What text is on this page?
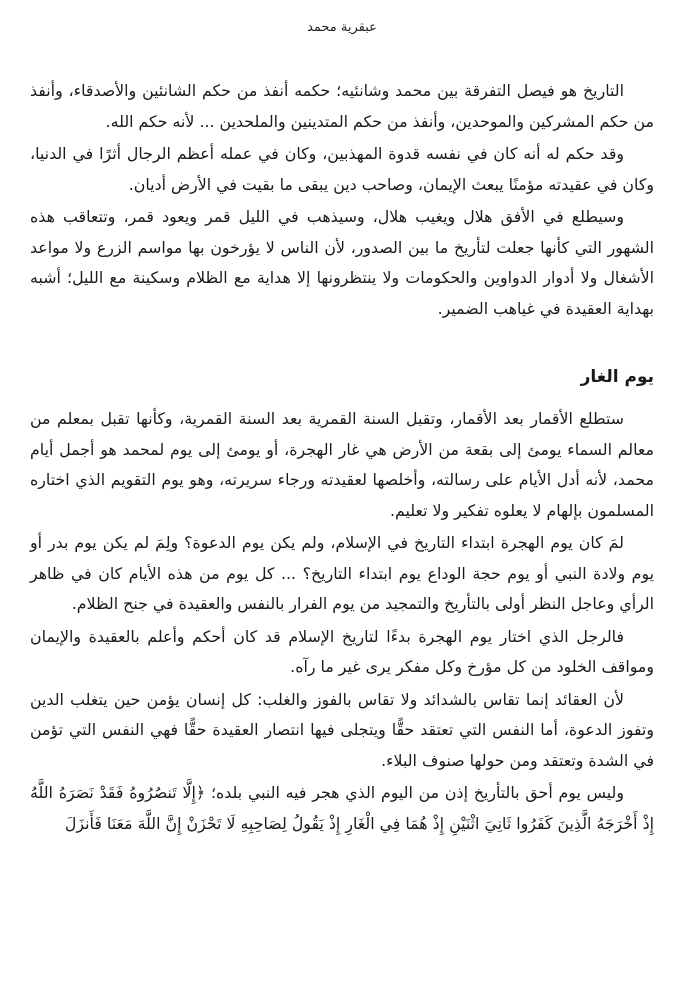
عبقرية محمد

التاريخ هو فيصل التفرقة بين محمد وشانئيه؛ حكمه أنفذ من حكم الشانئين والأصدقاء، وأنفذ من حكم المشركين والموحدين، وأنفذ من حكم المتدينين والملحدين ... لأنه حكم الله.

وقد حكم له أنه كان في نفسه قدوة المهذبين، وكان في عمله أعظم الرجال أثرًا في الدنيا، وكان في عقيدته مؤمنًا يبعث الإيمان، وصاحب دين يبقى ما بقيت في الأرض أديان.

وسيطلع في الأفق هلال ويغيب هلال، وسيذهب في الليل قمر ويعود قمر، وتتعاقب هذه الشهور التي كأنها جعلت لتأريخ ما بين الصدور، لأن الناس لا يؤرخون بها مواسم الزرع ولا مواعد الأشغال ولا أدوار الدواوين والحكومات ولا ينتظرونها إلا هداية مع الظلام وسكينة مع الليل؛ أشبه بهداية العقيدة في غياهب الضمير.

يوم الغار

ستطلع الأقمار بعد الأقمار، وتقبل السنة القمرية بعد السنة القمرية، وكأنها تقبل بمعلم من معالم السماء يومئ إلى بقعة من الأرض هي غار الهجرة، أو يومئ إلى يوم لمحمد هو أجمل أيام محمد، لأنه أدل الأيام على رسالته، وأخلصها لعقيدته ورجاء سريرته، وهو يوم التقويم الذي اختاره المسلمون بإلهام لا يعلوه تفكير ولا تعليم.

لمَ كان يوم الهجرة ابتداء التاريخ في الإسلام، ولم يكن يوم الدعوة؟ ولِمَ لم يكن يوم بدر أو يوم ولادة النبي أو يوم حجة الوداع يوم ابتداء التاريخ؟ ... كل يوم من هذه الأيام كان في ظاهر الرأي وعاجل النظر أولى بالتأريخ والتمجيد من يوم الفرار بالنفس والعقيدة في جنح الظلام.

فالرجل الذي اختار يوم الهجرة بدءًا لتاريخ الإسلام قد كان أحكم وأعلم بالعقيدة والإيمان ومواقف الخلود من كل مؤرخ وكل مفكر يرى غير ما رآه.

لأن العقائد إنما تقاس بالشدائد ولا تقاس بالفوز والغلب: كل إنسان يؤمن حين يتغلب الدين وتفوز الدعوة، أما النفس التي تعتقد حقًّا ويتجلى فيها انتصار العقيدة حقًّا فهي النفس التي تؤمن في الشدة وتعتقد ومن حولها صنوف البلاء.

وليس يوم أحق بالتأريخ إذن من اليوم الذي هجر فيه النبي بلده؛ ﴿إِلَّا تَنصُرُوهُ فَقَدْ نَصَرَهُ اللَّهُ إِذْ أَخْرَجَهُ الَّذِينَ كَفَرُوا ثَانِيَ اثْنَيْنِ إِذْ هُمَا فِي الْغَارِ إِذْ يَقُولُ لِصَاحِبِهِ لَا تَحْزَنْ إِنَّ اللَّهَ مَعَنَا فَأَنزَلَ
